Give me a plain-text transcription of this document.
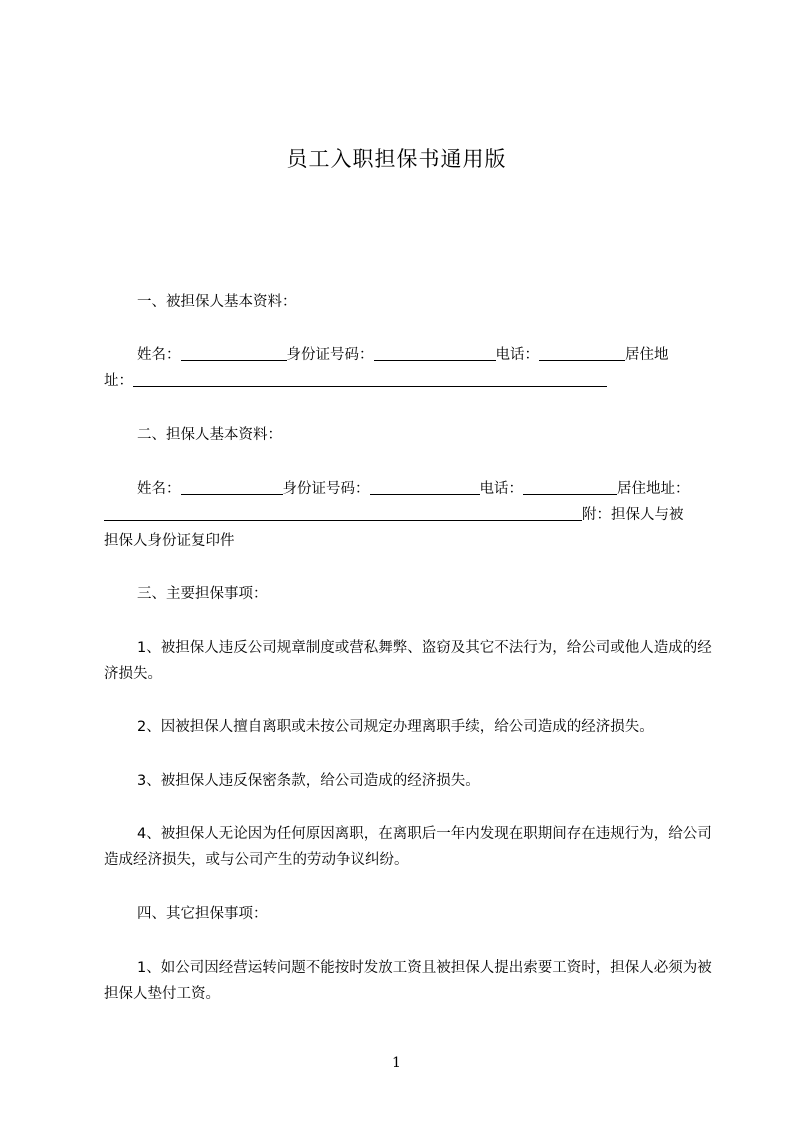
员工入职担保书通用版
一、被担保人基本资料：
姓名：	身份证号码：	电话：	居住地
址：
二、担保人基本资料：
姓名：	身份证号码：	电话：	居住地址：
附：担保人与被
担保人身份证复印件
三、主要担保事项：
1、被担保人违反公司规章制度或营私舞弊、盗窃及其它不法行为，给公司或他人造成的经济损失。
2、因被担保人擅自离职或未按公司规定办理离职手续，给公司造成的经济损失。
3、被担保人违反保密条款，给公司造成的经济损失。
4、被担保人无论因为任何原因离职，在离职后一年内发现在职期间存在违规行为，给公司造成经济损失，或与公司产生的劳动争议纠纷。
四、其它担保事项：
1、如公司因经营运转问题不能按时发放工资且被担保人提出索要工资时，担保人必须为被担保人垫付工资。
1
